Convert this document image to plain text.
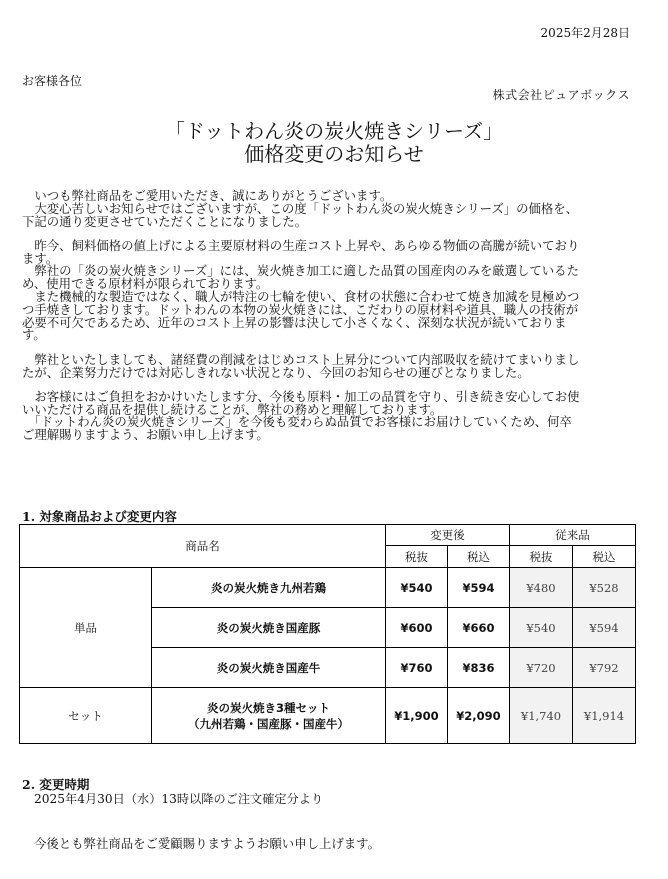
2025年2月28日
お客様各位
株式会社ピュアボックス
「ドットわん炎の炭火焼きシリーズ」
価格変更のお知らせ

　いつも弊社商品をご愛用いただき、誠にありがとうございます。

　大変心苦しいお知らせではございますが、この度「ドットわん炎の炭火焼きシリーズ」の価格を、

下記の通り変更させていただくことになりました。

　昨今、飼料価格の値上げによる主要原材料の生産コスト上昇や、あらゆる物価の高騰が続いており

ます。

　弊社の「炎の炭火焼きシリーズ」には、炭火焼き加工に適した品質の国産肉のみを厳選しているた

め、使用できる原材料が限られております。

　また機械的な製造ではなく、職人が特注の七輪を使い、食材の状態に合わせて焼き加減を見極めつ

つ手焼きしております。ドットわんの本物の炭火焼きには、こだわりの原材料や道具、職人の技術が

必要不可欠であるため、近年のコスト上昇の影響は決して小さくなく、深刻な状況が続いておりま

す。

　弊社といたしましても、諸経費の削減をはじめコスト上昇分について内部吸収を続けてまいりまし

たが、企業努力だけでは対応しきれない状況となり、今回のお知らせの運びとなりました。

　お客様にはご負担をおかけいたします分、今後も原料・加工の品質を守り、引き続き安心してお使

いいただける商品を提供し続けることが、弊社の務めと理解しております。

　「ドットわん炎の炭火焼きシリーズ」を今後も変わらぬ品質でお客様にお届けしていくため、何卒

ご理解賜りますよう、お願い申し上げます。

1. 対象商品および変更内容
商品名		変更後		従来品	
		税抜	税込	税抜	税込
単品	炎の炭火焼き九州若鶏	¥540	¥594	¥480	¥528
	炎の炭火焼き国産豚	¥600	¥660	¥540	¥594
	炎の炭火焼き国産牛	¥760	¥836	¥720	¥792
セット	炎の炭火焼き3種セット
（九州若鶏・国産豚・国産牛）	¥1,900	¥2,090	¥1,740	¥1,914
2. 変更時期
2025年4月30日（水）13時以降のご注文確定分より
今後とも弊社商品をご愛顧賜りますようお願い申し上げます。
